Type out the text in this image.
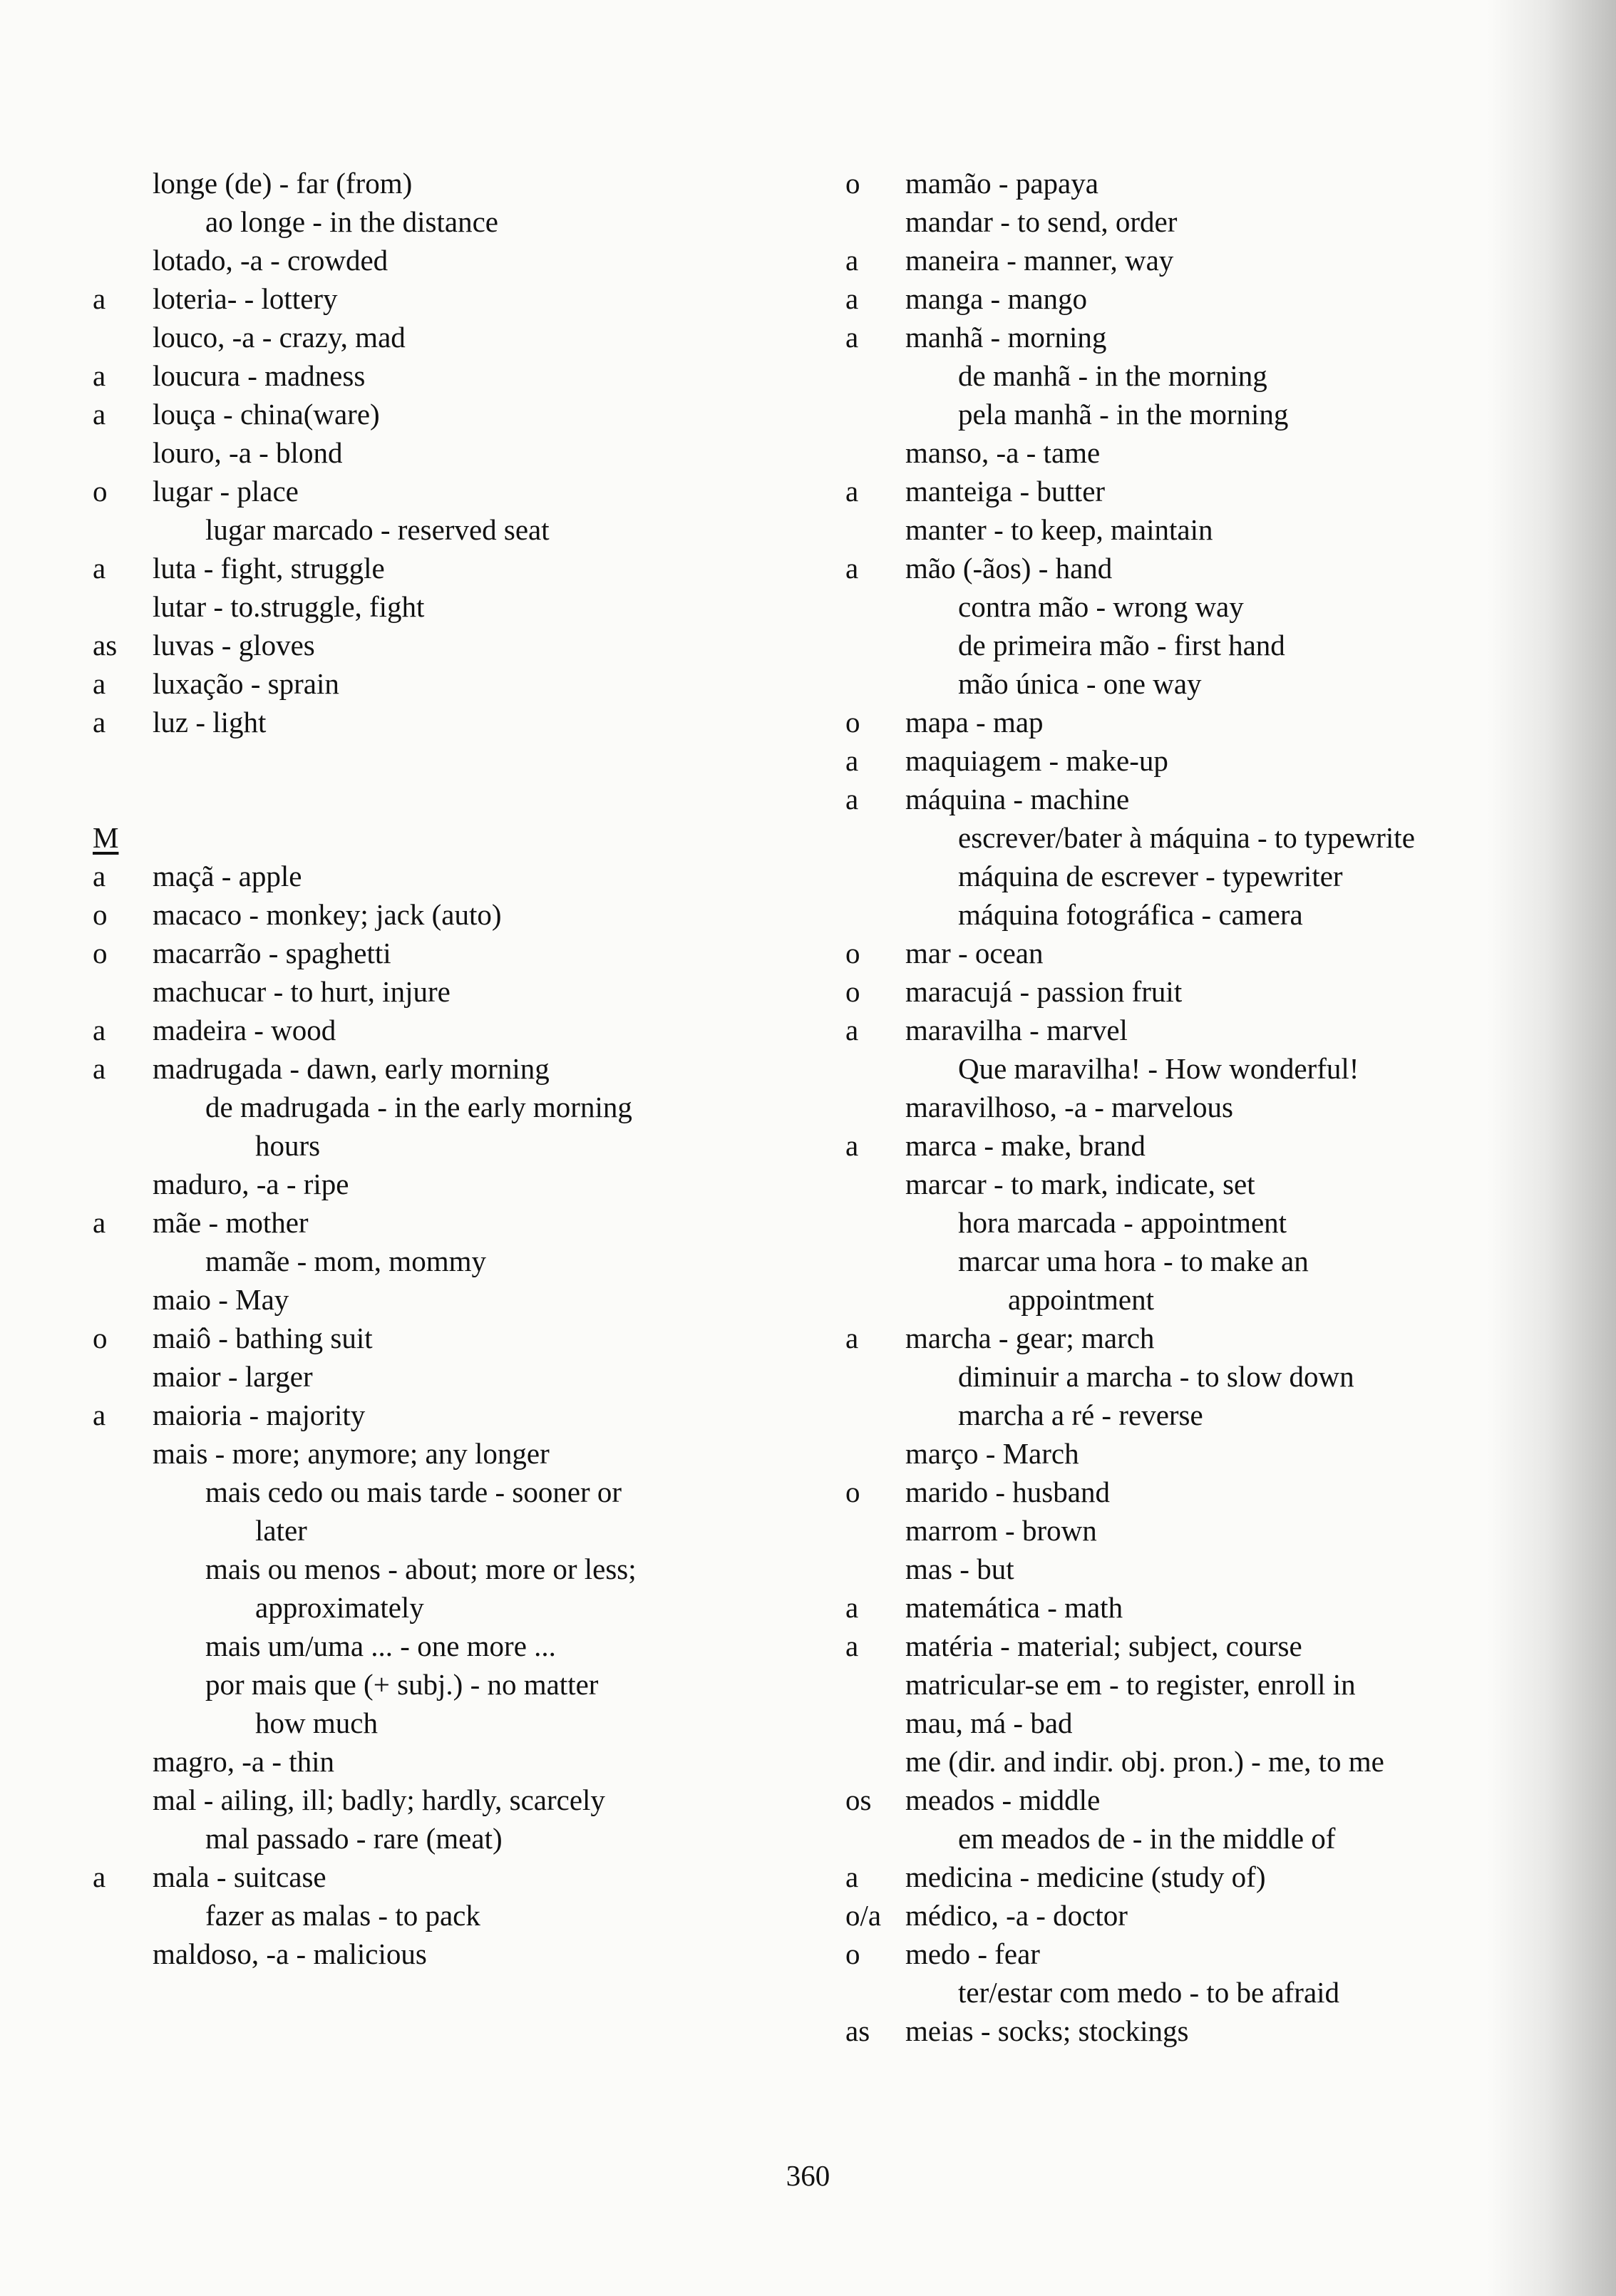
longe (de) - far (from)
ao longe - in the distance
lotado, -a - crowded
a loteria- - lottery
louco, -a - crazy, mad
a loucura - madness
a louça - china(ware)
louro, -a - blond
o lugar - place
lugar marcado - reserved seat
a luta - fight, struggle
lutar - to.struggle, fight
as luvas - gloves
a luxação - sprain
a luz - light
M
a maçã - apple
o macaco - monkey; jack (auto)
o macarrão - spaghetti
machucar - to hurt, injure
a madeira - wood
a madrugada - dawn, early morning
de madrugada - in the early morning
hours
maduro, -a - ripe
a mãe - mother
mamãe - mom, mommy
maio - May
o maiô - bathing suit
maior - larger
a maioria - majority
mais - more; anymore; any longer
mais cedo ou mais tarde - sooner or
later
mais ou menos - about; more or less;
approximately
mais um/uma ... - one more ...
por mais que (+ subj.) - no matter
how much
magro, -a - thin
mal - ailing, ill; badly; hardly, scarcely
mal passado - rare (meat)
a mala - suitcase
fazer as malas - to pack
maldoso, -a - malicious
o mamão - papaya
mandar - to send, order
a maneira - manner, way
a manga - mango
a manhã - morning
de manhã - in the morning
pela manhã - in the morning
manso, -a - tame
a manteiga - butter
manter - to keep, maintain
a mão (-ãos) - hand
contra mão - wrong way
de primeira mão - first hand
mão única - one way
o mapa - map
a maquiagem - make-up
a máquina - machine
escrever/bater à máquina - to typewrite
máquina de escrever - typewriter
máquina fotográfica - camera
o mar - ocean
o maracujá - passion fruit
a maravilha - marvel
Que maravilha! - How wonderful!
maravilhoso, -a - marvelous
a marca - make, brand
marcar - to mark, indicate, set
hora marcada - appointment
marcar uma hora - to make an
appointment
a marcha - gear; march
diminuir a marcha - to slow down
marcha a ré - reverse
março - March
o marido - husband
marrom - brown
mas - but
a matemática - math
a matéria - material; subject, course
matricular-se em - to register, enroll in
mau, má - bad
me (dir. and indir. obj. pron.) - me, to me
os meados - middle
em meados de - in the middle of
a medicina - medicine (study of)
o/a médico, -a - doctor
o medo - fear
ter/estar com medo - to be afraid
as meias - socks; stockings
360
